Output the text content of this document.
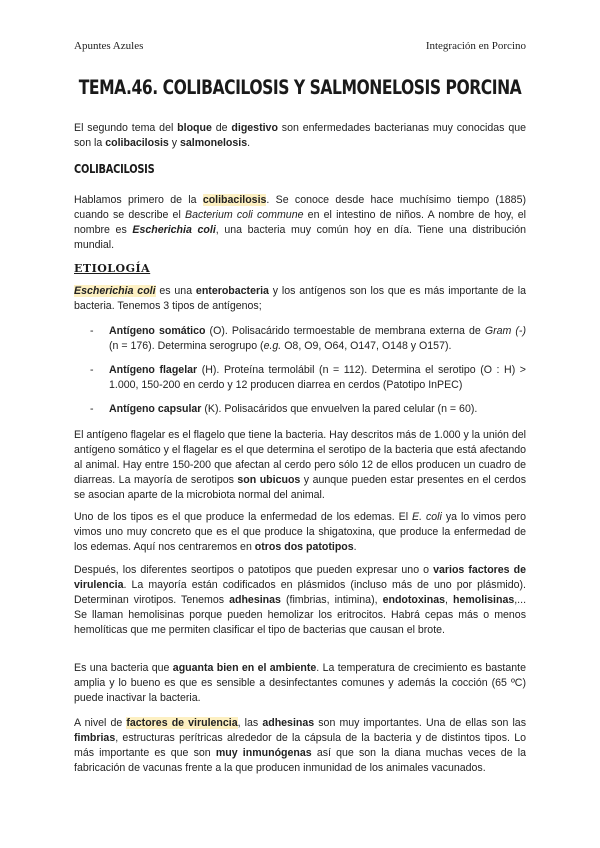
Apuntes Azules	Integración en Porcino
TEMA.46. COLIBACILOSIS Y SALMONELOSIS PORCINA

El segundo tema del bloque de digestivo son enfermedades bacterianas muy conocidas que son la colibacilosis y salmonelosis.

COLIBACILOSIS

Hablamos primero de la colibacilosis. Se conoce desde hace muchísimo tiempo (1885) cuando se describe el Bacterium coli commune en el intestino de niños. A nombre de hoy, el nombre es Escherichia coli, una bacteria muy común hoy en día. Tiene una distribución mundial.

ETIOLOGÍA

Escherichia coli es una enterobacteria y los antígenos son los que es más importante de la bacteria. Tenemos 3 tipos de antígenos;

- Antígeno somático (O). Polisacárido termoestable de membrana externa de Gram (-) (n = 176). Determina serogrupo (e.g. O8, O9, O64, O147, O148 y O157).

- Antígeno flagelar (H). Proteína termolábil (n = 112). Determina el serotipo (O : H) > 1.000, 150-200 en cerdo y 12 producen diarrea en cerdos (Patotipo InPEC)

- Antígeno capsular (K). Polisacáridos que envuelven la pared celular (n = 60).

El antígeno flagelar es el flagelo que tiene la bacteria. Hay descritos más de 1.000 y la unión del antígeno somático y el flagelar es el que determina el serotipo de la bacteria que está afectando al animal. Hay entre 150-200 que afectan al cerdo pero sólo 12 de ellos producen un cuadro de diarreas. La mayoría de serotipos son ubicuos y aunque pueden estar presentes en el cerdos se asocian aparte de la microbiota normal del animal.

Uno de los tipos es el que produce la enfermedad de los edemas. El E. coli ya lo vimos pero vimos uno muy concreto que es el que produce la shigatoxina, que produce la enfermedad de los edemas. Aquí nos centraremos en otros dos patotipos.

Después, los diferentes seortipos o patotipos que pueden expresar uno o varios factores de virulencia. La mayoría están codificados en plásmidos (incluso más de uno por plásmido). Determinan virotipos. Tenemos adhesinas (fimbrias, intimina), endotoxinas, hemolisinas,... Se llaman hemolisinas porque pueden hemolizar los eritrocitos. Habrá cepas más o menos hemolíticas que me permiten clasificar el tipo de bacterias que causan el brote.

Es una bacteria que aguanta bien en el ambiente. La temperatura de crecimiento es bastante amplia y lo bueno es que es sensible a desinfectantes comunes y además la cocción (65 ºC) puede inactivar la bacteria.

A nivel de factores de virulencia, las adhesinas son muy importantes. Una de ellas son las fimbrias, estructuras perítricas alrededor de la cápsula de la bacteria y de distintos tipos. Lo más importante es que son muy inmunógenas así que son la diana muchas veces de la fabricación de vacunas frente a la que producen inmunidad de los animales vacunados.
